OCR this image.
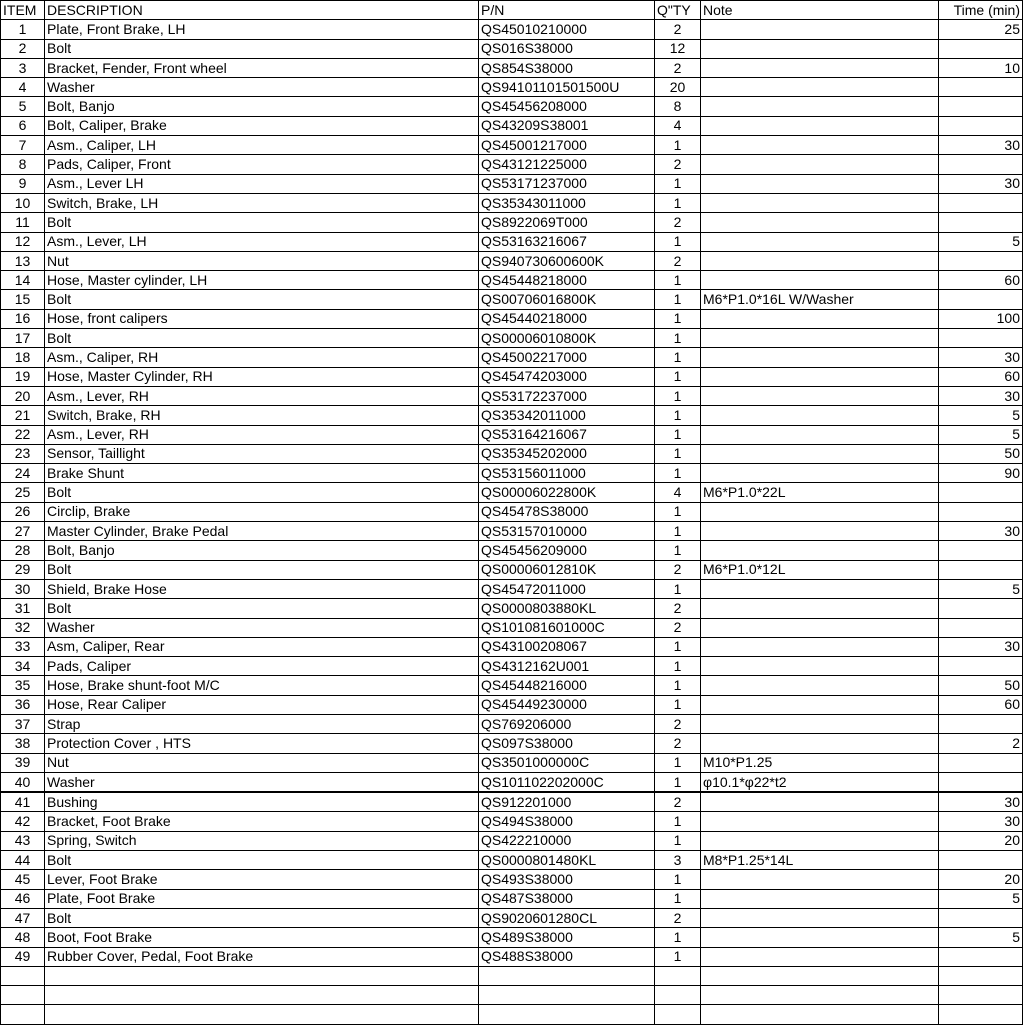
ITEM	DESCRIPTION	P/N	Q"TY	Note	Time (min)
1	Plate, Front Brake, LH	QS45010210000	2		25
2	Bolt	QS016S38000	12		
3	Bracket, Fender, Front wheel	QS854S38000	2		10
4	Washer	QS94101101501500U	20		
5	Bolt, Banjo	QS45456208000	8		
6	Bolt, Caliper, Brake	QS43209S38001	4		
7	Asm., Caliper, LH	QS45001217000	1		30
8	Pads, Caliper, Front	QS43121225000	2		
9	Asm., Lever LH	QS53171237000	1		30
10	Switch, Brake, LH	QS35343011000	1		
11	Bolt	QS8922069T000	2		
12	Asm., Lever, LH	QS53163216067	1		5
13	Nut	QS940730600600K	2		
14	Hose, Master cylinder, LH	QS45448218000	1		60
15	Bolt	QS00706016800K	1	M6*P1.0*16L W/Washer	
16	Hose, front calipers	QS45440218000	1		100
17	Bolt	QS00006010800K	1		
18	Asm., Caliper, RH	QS45002217000	1		30
19	Hose, Master Cylinder, RH	QS45474203000	1		60
20	Asm., Lever, RH	QS53172237000	1		30
21	Switch, Brake, RH	QS35342011000	1		5
22	Asm., Lever, RH	QS53164216067	1		5
23	Sensor, Taillight	QS35345202000	1		50
24	Brake Shunt	QS53156011000	1		90
25	Bolt	QS00006022800K	4	M6*P1.0*22L	
26	Circlip, Brake	QS45478S38000	1		
27	Master Cylinder, Brake Pedal	QS53157010000	1		30
28	Bolt, Banjo	QS45456209000	1		
29	Bolt	QS00006012810K	2	M6*P1.0*12L	
30	Shield, Brake Hose	QS45472011000	1		5
31	Bolt	QS0000803880KL	2		
32	Washer	QS101081601000C	2		
33	Asm, Caliper, Rear	QS43100208067	1		30
34	Pads, Caliper	QS4312162U001	1		
35	Hose, Brake shunt-foot M/C	QS45448216000	1		50
36	Hose, Rear Caliper	QS45449230000	1		60
37	Strap	QS769206000	2		
38	Protection Cover , HTS	QS097S38000	2		2
39	Nut	QS3501000000C	1	M10*P1.25	
40	Washer	QS101102202000C	1	φ10.1*φ22*t2	
41	Bushing	QS912201000	2		30
42	Bracket, Foot Brake	QS494S38000	1		30
43	Spring, Switch	QS422210000	1		20
44	Bolt	QS0000801480KL	3	M8*P1.25*14L	
45	Lever, Foot Brake	QS493S38000	1		20
46	Plate, Foot Brake	QS487S38000	1		5
47	Bolt	QS9020601280CL	2		
48	Boot, Foot Brake	QS489S38000	1		5
49	Rubber Cover, Pedal, Foot Brake	QS488S38000	1		
